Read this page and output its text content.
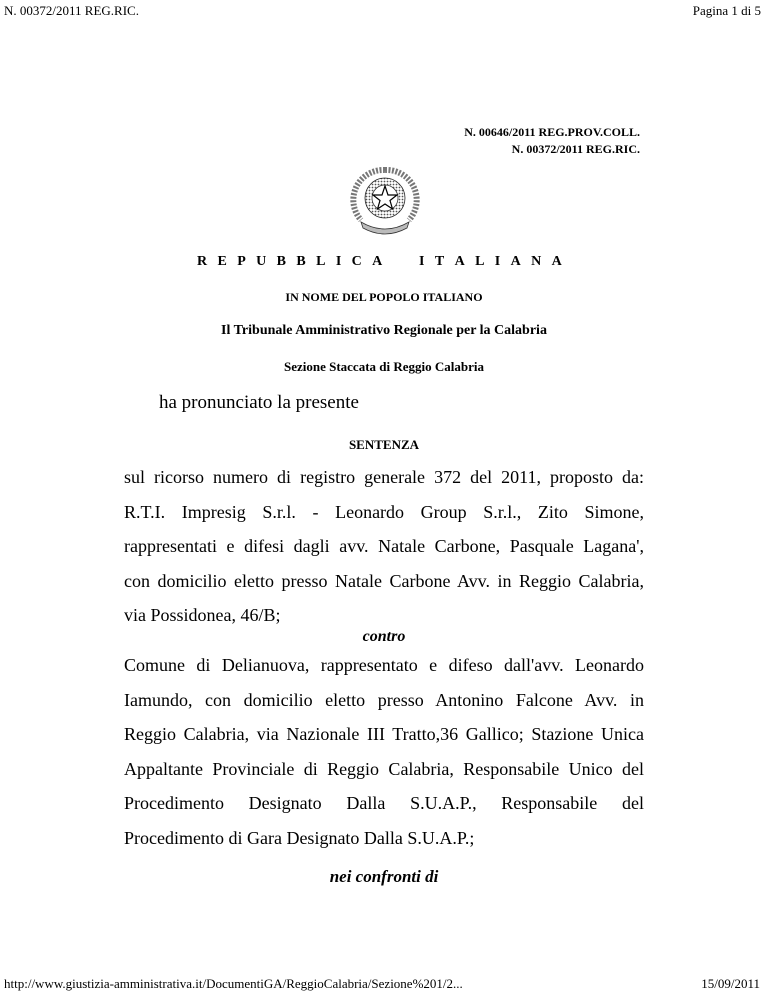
N. 00372/2011 REG.RIC.	Pagina 1 di 5
N. 00646/2011 REG.PROV.COLL.
N. 00372/2011 REG.RIC.
R E P U B B L I C A	I T A L I A N A
IN NOME DEL POPOLO ITALIANO
Il Tribunale Amministrativo Regionale per la Calabria
Sezione Staccata di Reggio Calabria
ha pronunciato la presente
SENTENZA
sul ricorso numero di registro generale 372 del 2011, proposto da:
R.T.I. Impresig S.r.l. - Leonardo Group S.r.l., Zito Simone,
rappresentati e difesi dagli avv. Natale Carbone, Pasquale Lagana',
con domicilio eletto presso Natale Carbone Avv. in Reggio Calabria,
via Possidonea, 46/B;
contro
Comune di Delianuova, rappresentato e difeso dall'avv. Leonardo
Iamundo, con domicilio eletto presso Antonino Falcone Avv. in
Reggio Calabria, via Nazionale III Tratto,36 Gallico; Stazione Unica
Appaltante Provinciale di Reggio Calabria, Responsabile Unico del
Procedimento Designato Dalla S.U.A.P., Responsabile del
Procedimento di Gara Designato Dalla S.U.A.P.;
nei confronti di
http://www.giustizia-amministrativa.it/DocumentiGA/ReggioCalabria/Sezione%201/2...	15/09/2011
